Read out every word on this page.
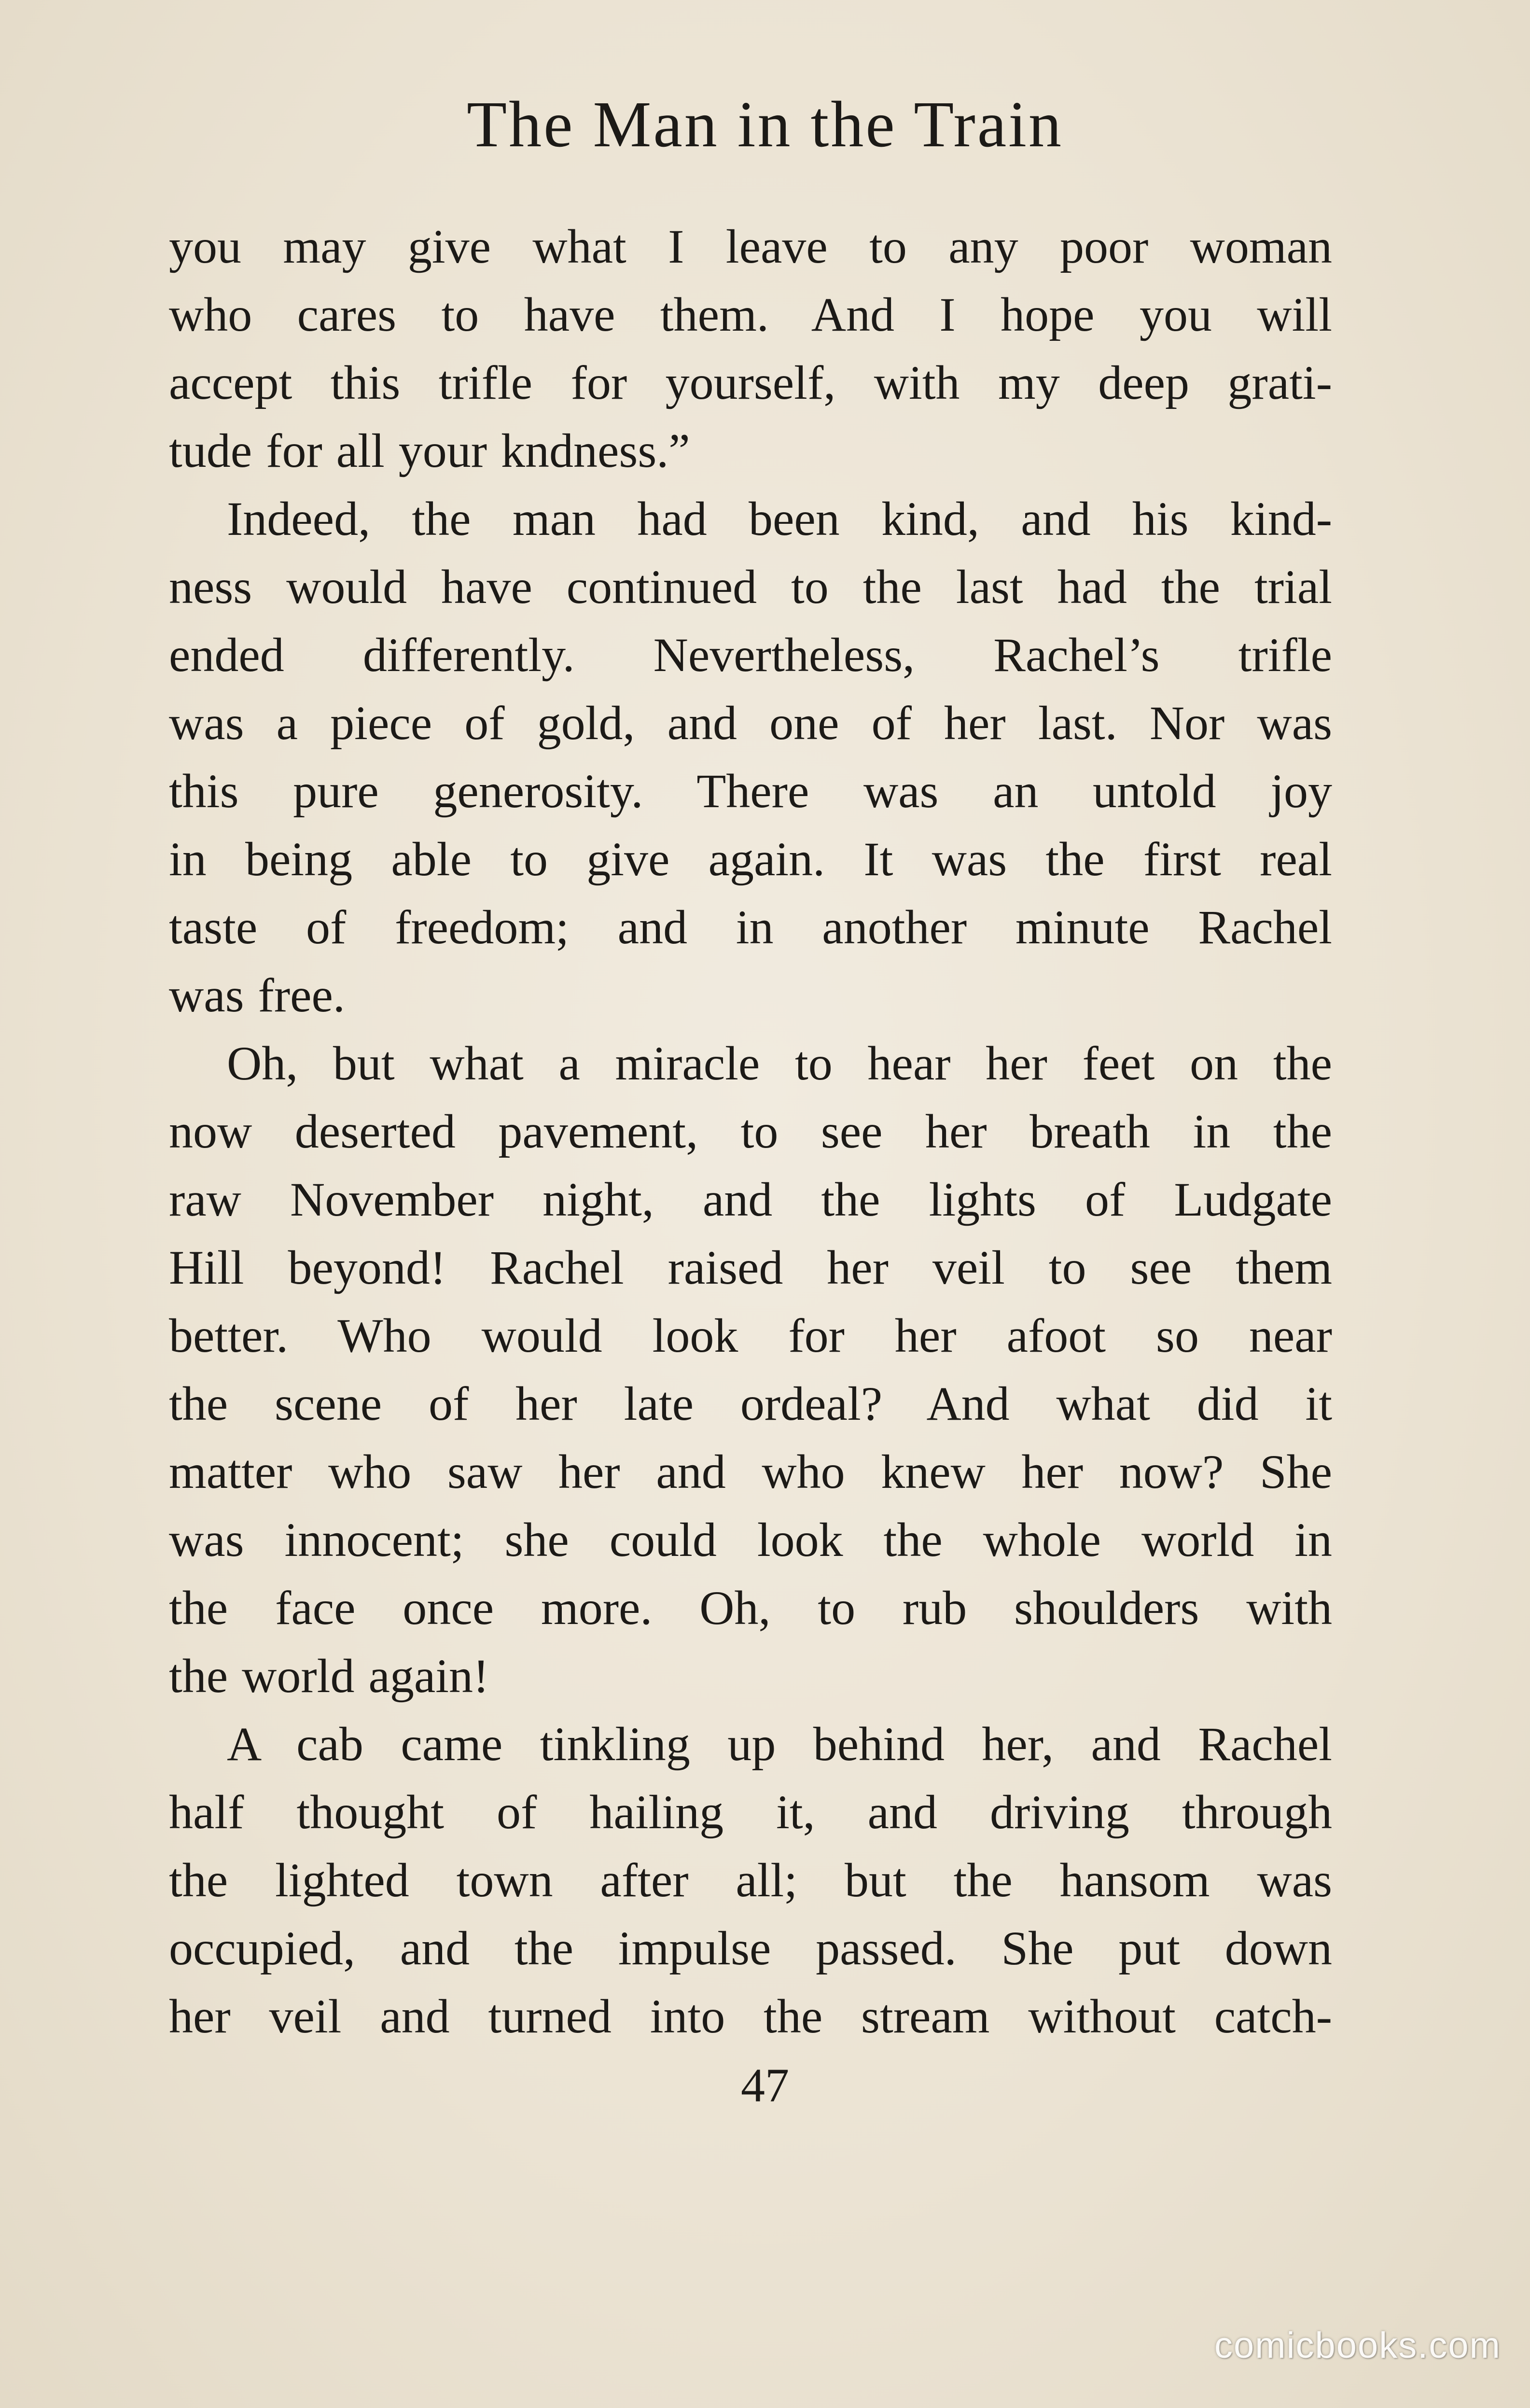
The Man in the Train
you may give what I leave to any poor woman
who cares to have them. And I hope you will
accept this trifle for yourself, with my deep grati-
tude for all your kndness.”
Indeed, the man had been kind, and his kind-
ness would have continued to the last had the trial
ended differently. Nevertheless, Rachel’s trifle
was a piece of gold, and one of her last. Nor was
this pure generosity. There was an untold joy
in being able to give again. It was the first real
taste of freedom; and in another minute Rachel
was free.
Oh, but what a miracle to hear her feet on the
now deserted pavement, to see her breath in the
raw November night, and the lights of Ludgate
Hill beyond! Rachel raised her veil to see them
better. Who would look for her afoot so near
the scene of her late ordeal? And what did it
matter who saw her and who knew her now? She
was innocent; she could look the whole world in
the face once more. Oh, to rub shoulders with
the world again!
A cab came tinkling up behind her, and Rachel
half thought of hailing it, and driving through
the lighted town after all; but the hansom was
occupied, and the impulse passed. She put down
her veil and turned into the stream without catch-
47
comicbooks.com
